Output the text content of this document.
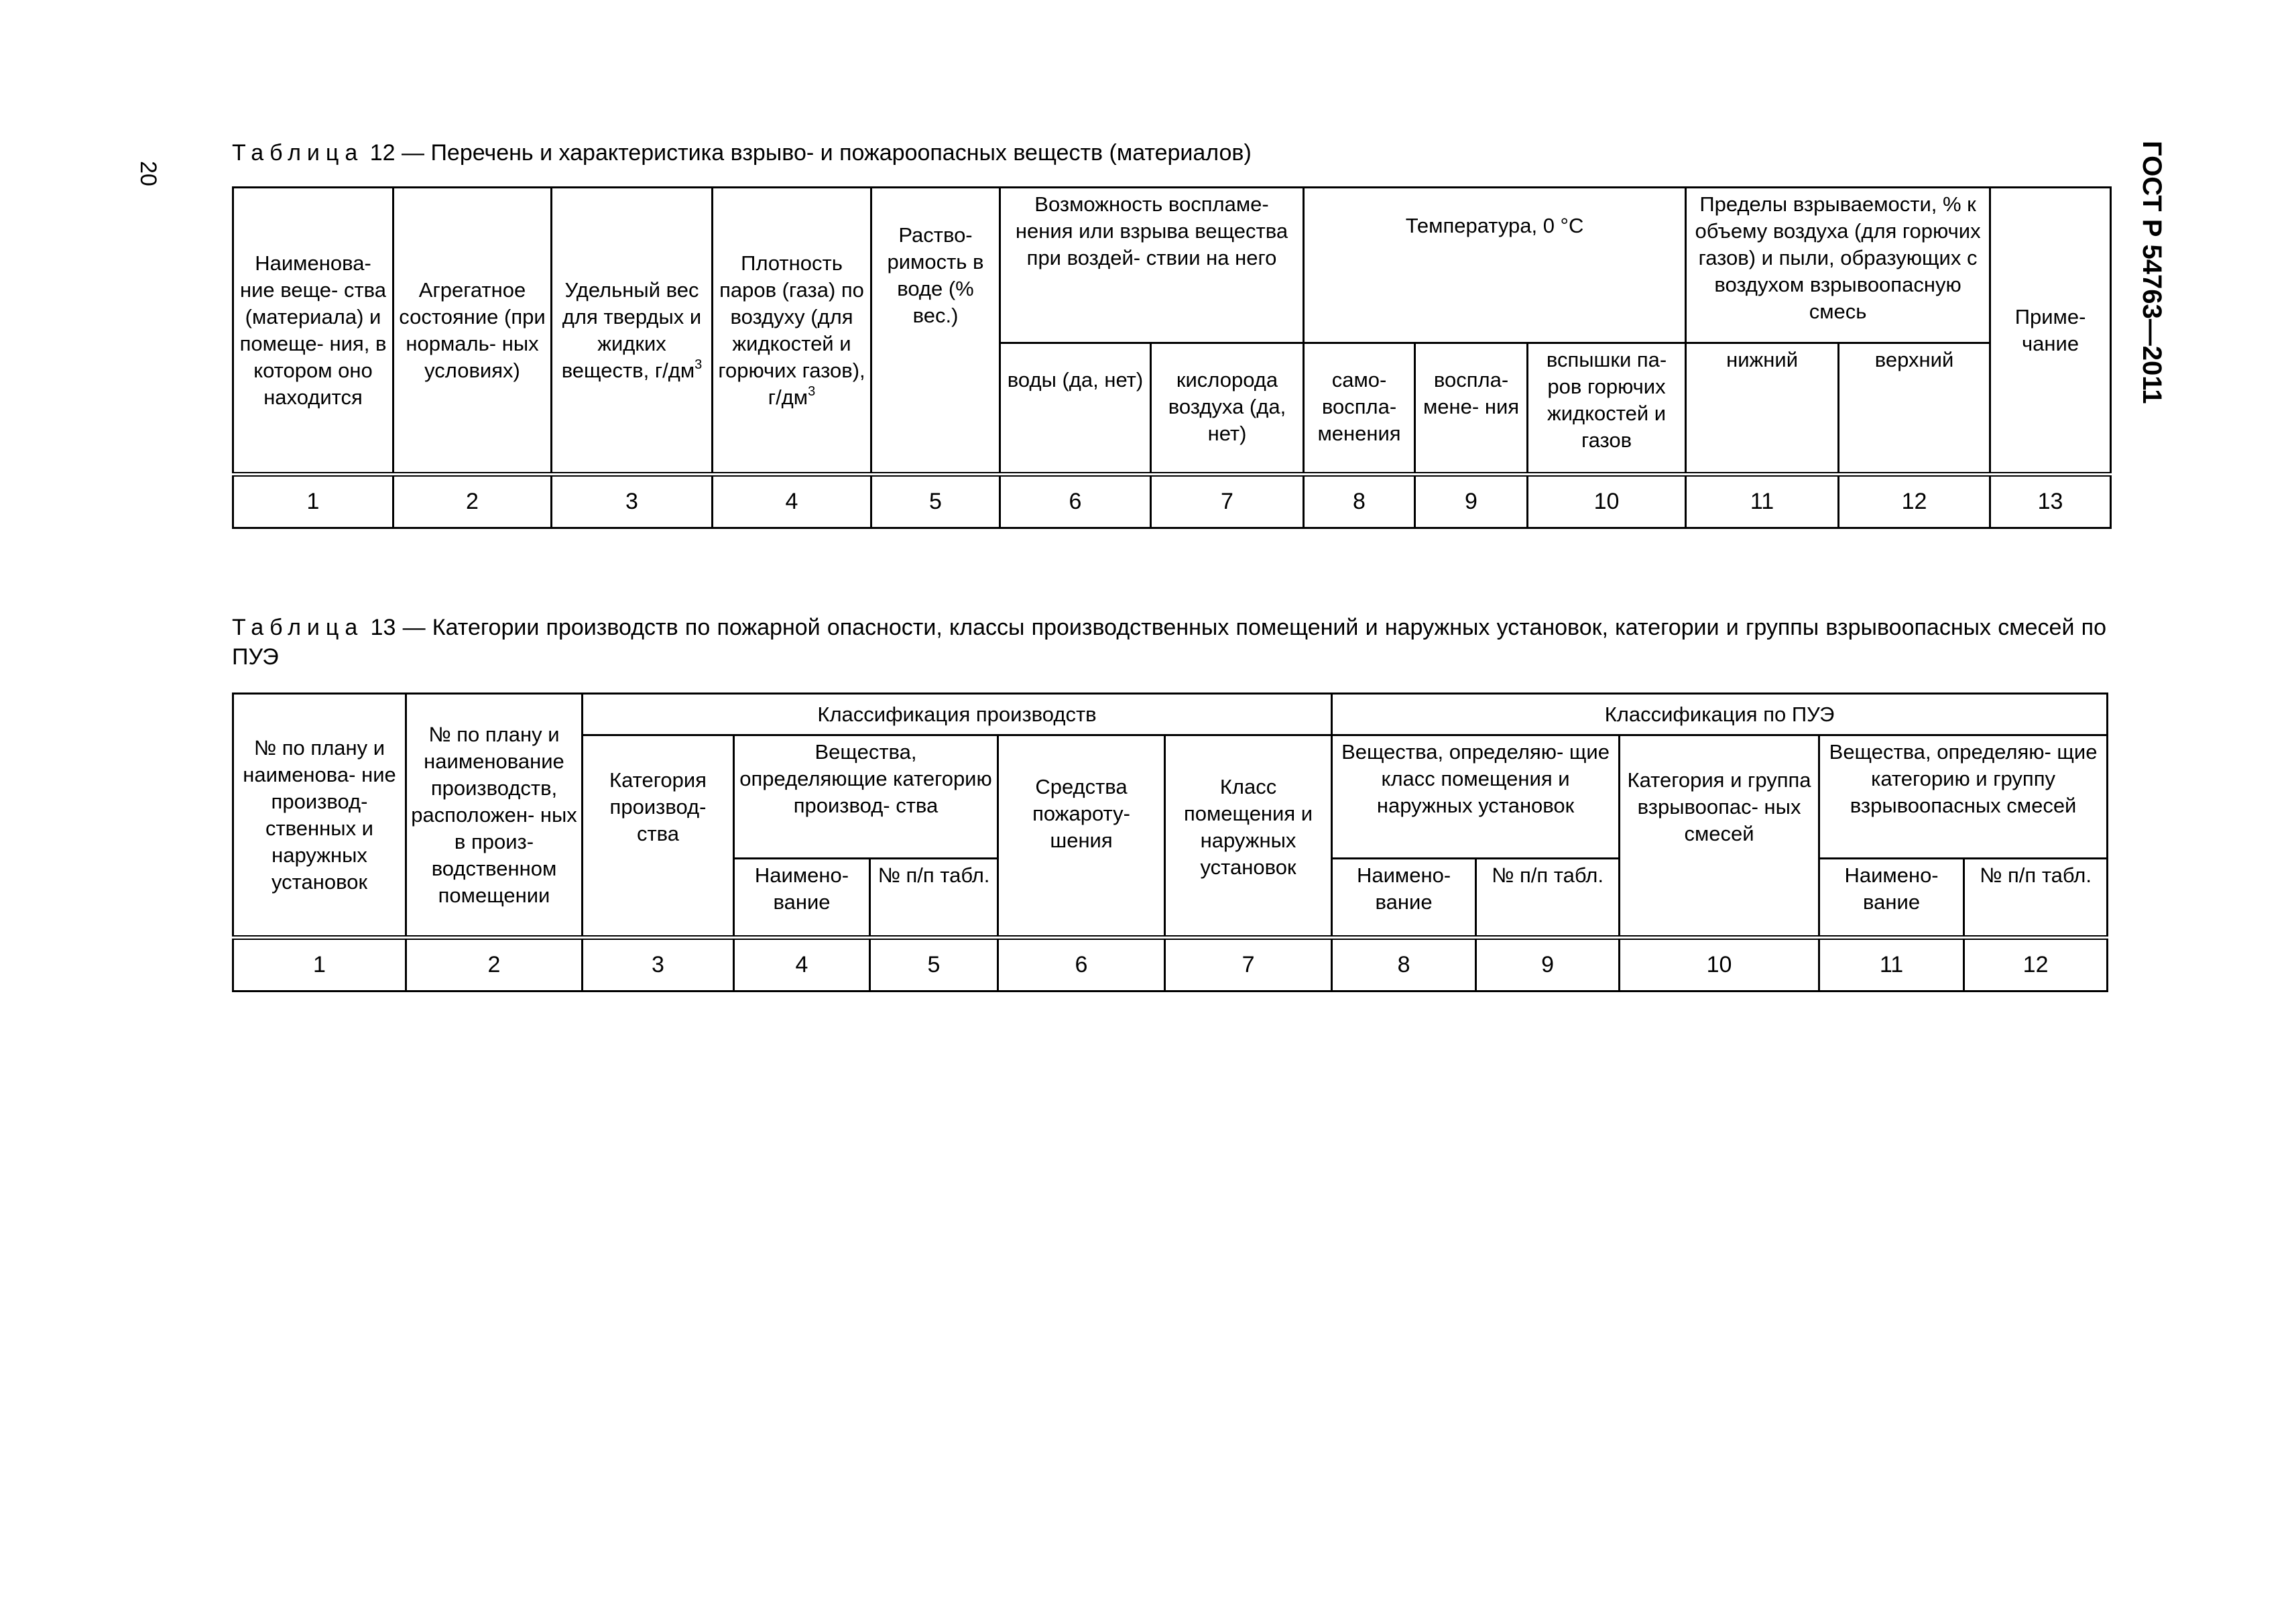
20	ГОСТ Р 54763—2011
Таблица 12 — Перечень и характеристика взрыво- и пожароопасных веществ (материалов)
Наименова- ние веще- ства (материала) и помеще- ния, в котором оно находится	Агрегатное состояние (при нормаль- ных условиях)	Удельный вес для твердых и жидких веществ, $г/дм^3$	Плотность паров (газа) по воздуху (для жидкостей и горючих газов), $г/дм^3$	Раство- римость в воде (% вес.)	Возможность воспламе- нения или взрыва вещества при воздей- ствии на него		Температура, 0 °С			Пределы взрываемости, % к объему воздуха (для горючих газов) и пыли, образующих с воздухом взрывоопасную смесь		Приме- чание
					воды (да, нет)	кислорода воздуха (да, нет)	само- воспла- менения	воспла- мене- ния	вспышки па- ров горючих жидкостей и газов	нижний	верхний	
1	2	3	4	5	6	7	8	9	10	11	12	13
Таблица 13 — Категории производств по пожарной опасности, классы производственных помещений и наружных установок, категории и группы взрывоопасных смесей по ПУЭ
№ по плану и наименова- ние производ- ственных и наружных установок	№ по плану и наименование производств, расположен- ных в произ- водственном помещении	Классификация производств					Классификация по ПУЭ				
		Категория производ- ства	Вещества, определяющие категорию производ- ства		Средства пожароту- шения	Класс помещения и наружных установок	Вещества, определяю- щие класс помещения и наружных установок		Категория и группа взрывоопас- ных смесей	Вещества, определяю- щие категорию и группу взрывоопасных смесей	
			Наимено- вание	№ п/п табл.			Наимено- вание	№ п/п табл.		Наимено- вание	№ п/п табл.
1	2	3	4	5	6	7	8	9	10	11	12
